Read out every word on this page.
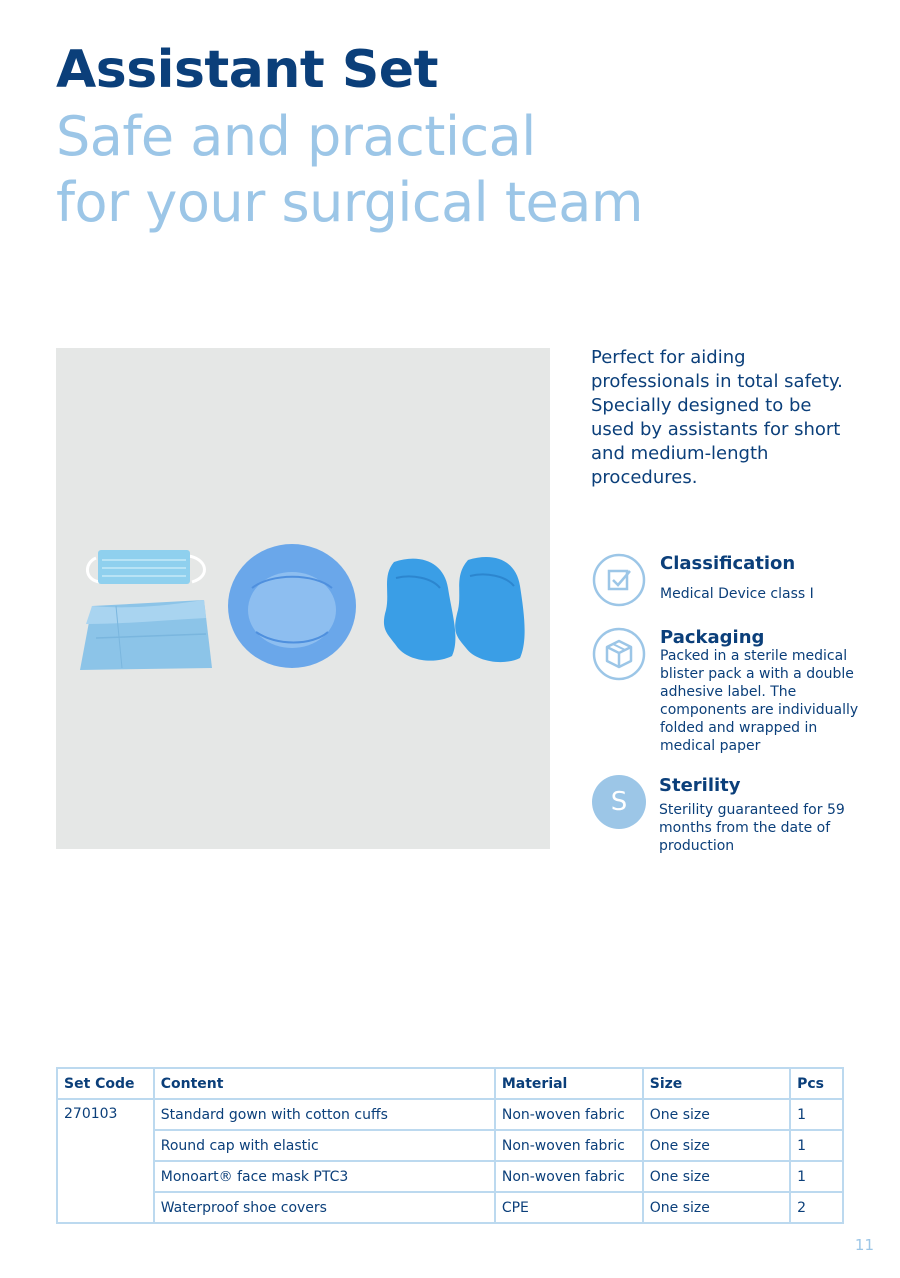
Assistant Set
Safe and practical
for your surgical team
Perfect for aiding professionals in total safety. Specially designed to be used by assistants for short and medium-length procedures.
Classification
Medical Device class I
Packaging
Packed in a sterile medical blister pack a with a double adhesive label. The components are individually folded and wrapped in medical paper
S
Sterility
Sterility guaranteed for 59 months from the date of production
Set Code	Content	Material	Size	Pcs
270103	Standard gown with cotton cuffs	Non-woven fabric	One size	1
	Round cap with elastic	Non-woven fabric	One size	1
	Monoart® face mask PTC3	Non-woven fabric	One size	1
	Waterproof shoe covers	CPE	One size	2
11
